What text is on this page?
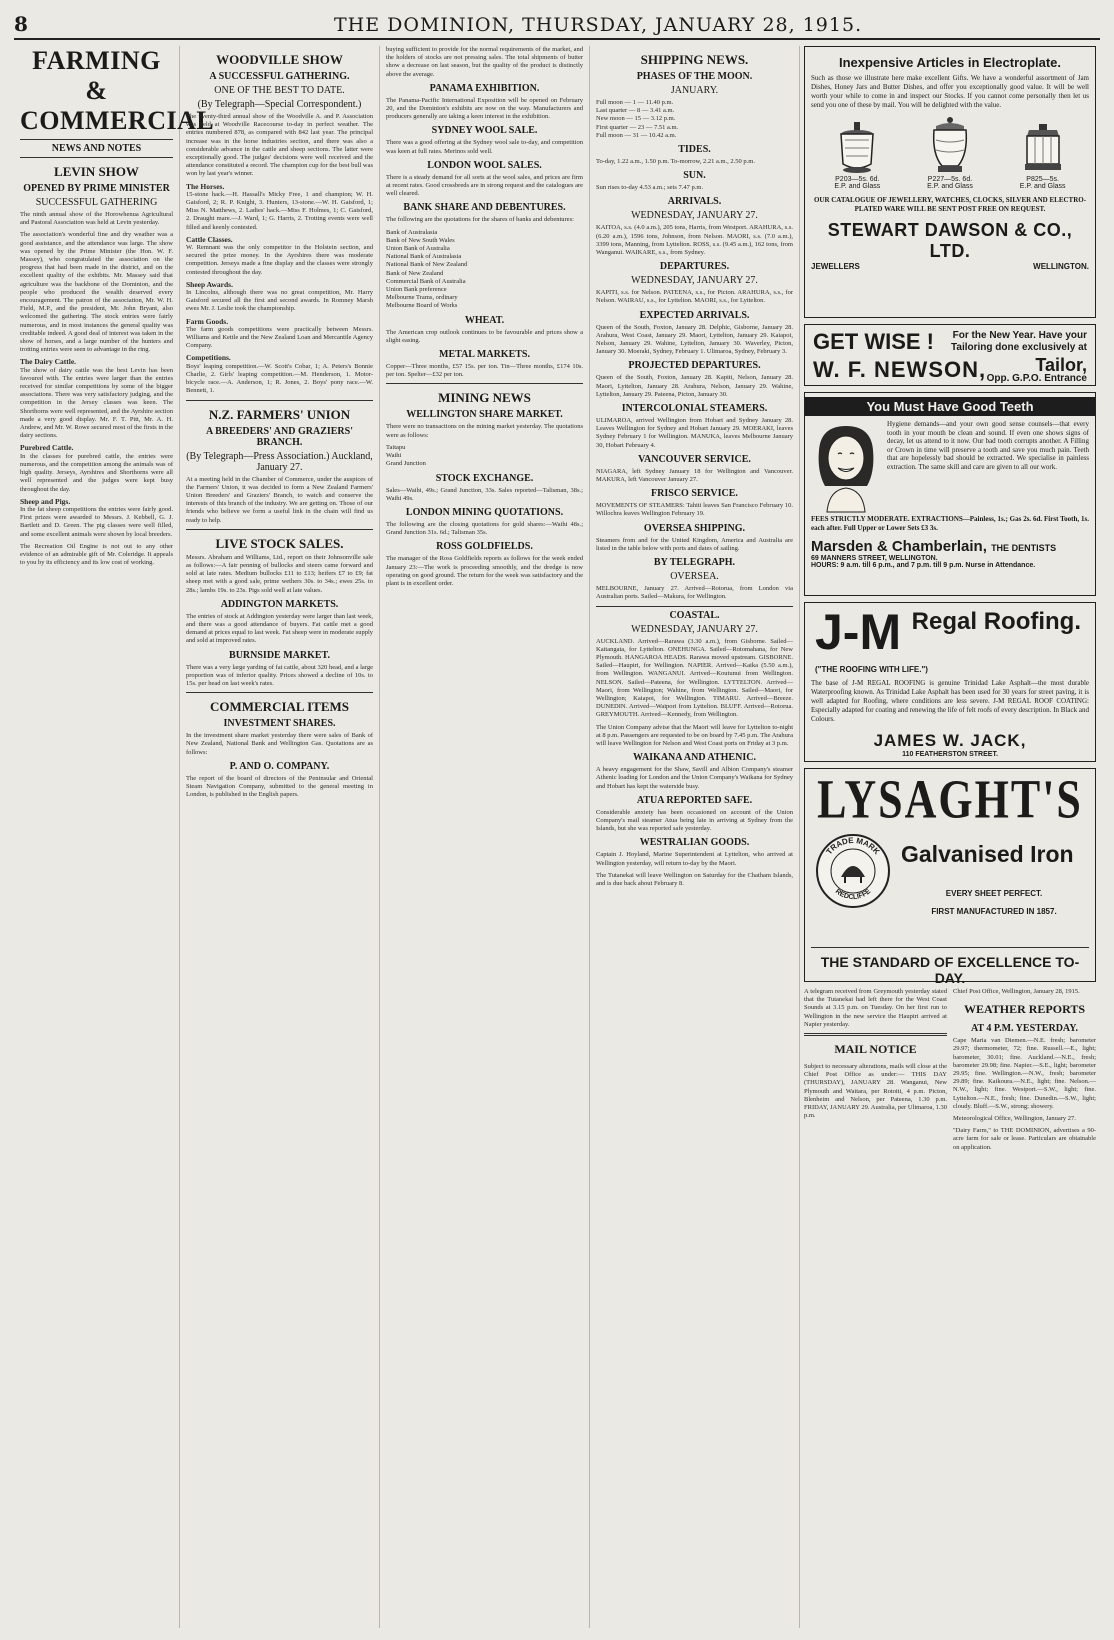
8	THE DOMINION, THURSDAY, JANUARY 28, 1915.
FARMING & COMMERCIAL
NEWS AND NOTES
LEVIN SHOW
OPENED BY PRIME MINISTER
SUCCESSFUL GATHERING
The ninth annual show of the Horowhenua Agricultural and Pastoral Association was held at Levin yesterday.
The association's wonderful fine and dry weather was a good assistance, and the attendance was large. The show was opened by the Prime Minister (the Hon. W. F. Massey), who congratulated the association on the progress that had been made in the district, and on the excellent quality of the exhibits. Mr. Massey said that agriculture was the backbone of the Dominion, and the people who produced the wealth deserved every encouragement. The patron of the association, Mr. W. H. Field, M.P., and the president, Mr. John Bryant, also welcomed the gathering. The stock entries were fairly numerous, and in most instances the general quality was creditable indeed. A good deal of interest was taken in the show of horses, and a large number of the hunters and trotting entries were seen to advantage in the ring.
The Dairy Cattle.
The show of dairy cattle was the best Levin has been favoured with. The entries were larger than the entries received for similar competitions by some of the bigger associations. There was very satisfactory judging, and the competition in the Jersey classes was keen. The Shorthorns were well represented, and the Ayrshire section made a very good display. Mr. F. T. Pitt, Mr. A. H. Andrew, and Mr. W. Rowe secured most of the firsts in the dairy sections.
Purebred Cattle.
In the classes for purebred cattle, the entries were numerous, and the competition among the animals was of high quality. Jerseys, Ayrshires and Shorthorns were all well represented and the judges were kept busy throughout the day.
Sheep and Pigs.
In the fat sheep competitions the entries were fairly good. First prizes were awarded to Messrs. J. Kebbell, G. J. Bartlett and D. Green. The pig classes were well filled, and some excellent animals were shown by local breeders.
The Recreation Oil Engine is not out to any other evidence of an admirable gift of Mr. Coleridge. It appeals to you by its efficiency and its low cost of working.
WOODVILLE SHOW
A SUCCESSFUL GATHERING.
ONE OF THE BEST TO DATE.
(By Telegraph—Special Correspondent.)
The twenty-third annual show of the Woodville A. and P. Association was held at Woodville Racecourse to-day in perfect weather. The entries numbered 878, as compared with 842 last year. The principal increase was in the horse industries section, and there was also a considerable advance in the cattle and sheep sections. The latter were exceptionally good. The judges' decisions were well received and the attendance constituted a record. The champion cup for the best bull was won by last year's winner.
The Horses.
15-stone hack.—H. Hassall's Micky Free, 1 and champion; W. H. Gaisford, 2; R. P. Knight, 3. Hunters, 13-stone.—W. H. Gaisford, 1; Miss N. Matthews, 2. Ladies' hack.—Miss F. Holmes, 1; C. Gaisford, 2. Draught mare.—J. Ward, 1; G. Harris, 2. Trotting events were well filled and keenly contested.
Cattle Classes.
W. Remnant was the only competitor in the Holstein section, and secured the prize money. In the Ayrshires there was moderate competition. Jerseys made a fine display and the classes were strongly contested throughout the day.
Sheep Awards.
In Lincolns, although there was no great competition, Mr. Harry Gaisford secured all the first and second awards. In Romney Marsh ewes Mr. J. Leslie took the championship.
Farm Goods.
The farm goods competitions were practically between Messrs. Williams and Kettle and the New Zealand Loan and Mercantile Agency Company.
Competitions.
Boys' leaping competition.—W. Scott's Cobar, 1; A. Peters's Bonnie Charlie, 2. Girls' leaping competition.—M. Henderson, 1. Motor-bicycle race.—A. Anderson, 1; R. Jones, 2. Boys' pony race.—W. Bennett, 1.
N.Z. FARMERS' UNION
A BREEDERS' AND GRAZIERS' BRANCH.
(By Telegraph—Press Association.) Auckland, January 27.
At a meeting held in the Chamber of Commerce, under the auspices of the Farmers' Union, it was decided to form a New Zealand Farmers' Union Breeders' and Graziers' Branch, to watch and conserve the interests of this branch of the industry. We are getting on. Those of our friends who believe we form a useful link in the chain will find us ready to help.
LIVE STOCK SALES.
Messrs. Abraham and Williams, Ltd., report on their Johnsonville sale as follows:—A fair penning of bullocks and steers came forward and sold at late rates. Medium bullocks £11 to £13; heifers £7 to £9; fat sheep met with a good sale, prime wethers 30s. to 34s.; ewes 25s. to 28s.; lambs 19s. to 23s. Pigs sold well at late values.
ADDINGTON MARKETS.
The entries of stock at Addington yesterday were larger than last week, and there was a good attendance of buyers. Fat cattle met a good demand at prices equal to last week. Fat sheep were in moderate supply and sold at improved rates.
BURNSIDE MARKET.
There was a very large yarding of fat cattle, about 320 head, and a large proportion was of inferior quality. Prices showed a decline of 10s. to 15s. per head on last week's rates.
COMMERCIAL ITEMS
INVESTMENT SHARES.
In the investment share market yesterday there were sales of Bank of New Zealand, National Bank and Wellington Gas. Quotations are as follows:
P. AND O. COMPANY.
The report of the board of directors of the Peninsular and Oriental Steam Navigation Company, submitted to the general meeting in London, is published in the English papers.
buying sufficient to provide for the normal requirements of the market, and the holders of stocks are not pressing sales. The total shipments of butter show a decrease on last season, but the quality of the product is distinctly above the average.
PANAMA EXHIBITION.
The Panama-Pacific International Exposition will be opened on February 20, and the Dominion's exhibits are now on the way. Manufacturers and producers generally are taking a keen interest in the exhibition.
SYDNEY WOOL SALE.
There was a good offering at the Sydney wool sale to-day, and competition was keen at full rates. Merinos sold well.
LONDON WOOL SALES.
There is a steady demand for all sorts at the wool sales, and prices are firm at recent rates. Good crossbreds are in strong request and the catalogues are well cleared.
BANK SHARE AND DEBENTURES.
The following are the quotations for the shares of banks and debentures:
Bank of Australasia
Bank of New South Wales
Union Bank of Australia
National Bank of Australasia
National Bank of New Zealand
Bank of New Zealand
Commercial Bank of Australia
Union Bank preference
Melbourne Trams, ordinary
Melbourne Board of Works
WHEAT.
The American crop outlook continues to be favourable and prices show a slight easing.
METAL MARKETS.
Copper—Three months, £57 15s. per ton. Tin—Three months, £174 10s. per ton. Spelter—£32 per ton.
MINING NEWS
WELLINGTON SHARE MARKET.
There were no transactions on the mining market yesterday. The quotations were as follows:
Taitapu
Waihi
Grand Junction
STOCK EXCHANGE.
Sales—Waihi, 49s.; Grand Junction, 33s. Sales reported—Talisman, 38s.; Waihi 49s.
LONDON MINING QUOTATIONS.
The following are the closing quotations for gold shares:—Waihi 48s.; Grand Junction 31s. 6d.; Talisman 35s.
ROSS GOLDFIELDS.
The manager of the Ross Goldfields reports as follows for the week ended January 23:—The work is proceeding smoothly, and the dredge is now operating on good ground. The return for the week was satisfactory and the plant is in excellent order.
SHIPPING NEWS.
PHASES OF THE MOON.
JANUARY.
Full moon — 1 — 11.40 p.m.
Last quarter — 8 — 3.41 a.m.
New moon — 15 — 3.12 p.m.
First quarter — 23 — 7.51 a.m.
Full moon — 31 — 10.42 a.m.
TIDES.
To-day, 1.22 a.m., 1.50 p.m. To-morrow, 2.21 a.m., 2.50 p.m.
SUN.
Sun rises to-day 4.53 a.m.; sets 7.47 p.m.
ARRIVALS.
WEDNESDAY, JANUARY 27.
KAITOA, s.s. (4.0 a.m.), 205 tons, Harris, from Westport. ARAHURA, s.s. (6.20 a.m.), 1596 tons, Johnson, from Nelson. MAORI, s.s. (7.0 a.m.), 3399 tons, Manning, from Lyttelton. ROSS, s.s. (9.45 a.m.), 162 tons, from Wanganui. WAIKARE, s.s., from Sydney.
DEPARTURES.
WEDNESDAY, JANUARY 27.
KAPITI, s.s. for Nelson. PATEENA, s.s., for Picton. ARAHURA, s.s., for Nelson. WAIRAU, s.s., for Lyttelton. MAORI, s.s., for Lyttelton.
EXPECTED ARRIVALS.
Queen of the South, Foxton, January 28. Delphic, Gisborne, January 28. Arahura, West Coast, January 29. Maori, Lyttelton, January 29. Kaiapoi, Nelson, January 29. Wahine, Lyttelton, January 30. Waverley, Picton, January 30. Moeraki, Sydney, February 1. Ulimaroa, Sydney, February 3.
PROJECTED DEPARTURES.
Queen of the South, Foxton, January 28. Kapiti, Nelson, January 28. Maori, Lyttelton, January 28. Arahura, Nelson, January 29. Wahine, Lyttelton, January 29. Pateena, Picton, January 30.
INTERCOLONIAL STEAMERS.
ULIMAROA, arrived Wellington from Hobart and Sydney January 28. Leaves Wellington for Sydney and Hobart January 29. MOERAKI, leaves Sydney February 1 for Wellington. MANUKA, leaves Melbourne January 30, Hobart February 4.
VANCOUVER SERVICE.
NIAGARA, left Sydney January 18 for Wellington and Vancouver. MAKURA, left Vancouver January 27.
FRISCO SERVICE.
MOVEMENTS OF STEAMERS: Tahiti leaves San Francisco February 10. Willochra leaves Wellington February 19.
OVERSEA SHIPPING.
Steamers from and for the United Kingdom, America and Australia are listed in the table below with ports and dates of sailing.
BY TELEGRAPH.
OVERSEA.
MELBOURNE, January 27. Arrived—Rotorua, from London via Australian ports. Sailed—Makura, for Wellington.
COASTAL.
WEDNESDAY, JANUARY 27.
AUCKLAND. Arrived—Rarawa (3.30 a.m.), from Gisborne. Sailed—Kaitangata, for Lyttelton. ONEHUNGA. Sailed—Rotomahana, for New Plymouth. HANGAROA HEADS. Rarawa moved upstream. GISBORNE. Sailed—Haupiri, for Wellington. NAPIER. Arrived—Kaika (5.50 a.m.), from Wellington. WANGANUI. Arrived—Koutunui from Wellington. NELSON. Sailed—Pateena, for Wellington. LYTTELTON. Arrived—Maori, from Wellington; Wahine, from Wellington. Sailed—Maori, for Wellington; Kaiapoi, for Wellington. TIMARU. Arrived—Breeze. DUNEDIN. Arrived—Waipori from Lyttelton. BLUFF. Arrived—Rotorua. GREYMOUTH. Arrived—Kennedy, from Wellington.
The Union Company advise that the Maori will leave for Lyttelton to-night at 8 p.m. Passengers are requested to be on board by 7.45 p.m. The Arahura will leave Wellington for Nelson and West Coast ports on Friday at 3 p.m.
WAIKANA AND ATHENIC.
A heavy engagement for the Shaw, Savill and Albion Company's steamer Athenic loading for London and the Union Company's Waikana for Sydney and Hobart has kept the waterside busy.
ATUA REPORTED SAFE.
Considerable anxiety has been occasioned on account of the Union Company's mail steamer Atua being late in arriving at Sydney from the Islands, but she was reported safe yesterday.
WESTRALIAN GOODS.
Captain J. Hoyland, Marine Superintendent at Lyttelton, who arrived at Wellington yesterday, will return to-day by the Maori.
The Tutanekai will leave Wellington on Saturday for the Chatham Islands, and is due back about February 8.
Inexpensive Articles in Electroplate.
Such as those we illustrate here make excellent Gifts. We have a wonderful assortment of Jam Dishes, Honey Jars and Butter Dishes, and offer you exceptionally good value. It will be well worth your while to come in and inspect our Stocks. If you cannot come personally then let us send you one of these by mail. You will be delighted with the value.
P203—5s. 6d.
E.P. and Glass
P227—5s. 6d.
E.P. and Glass
P825—5s.
E.P. and Glass
OUR CATALOGUE OF JEWELLERY, WATCHES, CLOCKS, SILVER AND ELECTRO-PLATED WARE WILL BE SENT POST FREE ON REQUEST.
STEWART DAWSON & CO., LTD.
JEWELLERS	WELLINGTON.
GET WISE !	For the New Year. Have your Tailoring done exclusively at
W. F. NEWSON,	Tailor,
Opp. G.P.O. Entrance
You Must Have Good Teeth
Hygiene demands—and your own good sense counsels—that every tooth in your mouth be clean and sound. If even one shows signs of decay, let us attend to it now. Our bad tooth corrupts another. A Filling or Crown in time will preserve a tooth and save you much pain. Teeth that are hopelessly bad should be extracted. We specialise in painless extraction. The same skill and care are given to all our work.
FEES STRICTLY MODERATE. EXTRACTIONS—Painless, 1s.; Gas 2s. 6d. First Tooth, 1s. each after. Full Upper or Lower Sets £3 3s.
Marsden & Chamberlain, THE DENTISTS
69 MANNERS STREET, WELLINGTON.
HOURS: 9 a.m. till 6 p.m., and 7 p.m. till 9 p.m. Nurse in Attendance.
J-M Regal Roofing.
("THE ROOFING WITH LIFE.")
The base of J-M REGAL ROOFING is genuine Trinidad Lake Asphalt—the most durable Waterproofing known. As Trinidad Lake Asphalt has been used for 30 years for street paving, it is well adapted for Roofing, where conditions are less severe. J-M REGAL ROOF COATING: Especially adapted for coating and renewing the life of felt roofs of every description. In Black and Colours.
JAMES W. JACK,
110 FEATHERSTON STREET.
LYSAGHT'S
TRADE MARK
REDCLIFFE
Galvanised Iron
EVERY SHEET PERFECT.
FIRST MANUFACTURED IN 1857.
THE STANDARD OF EXCELLENCE TO-DAY.
A telegram received from Greymouth yesterday stated that the Tutanekai had left there for the West Coast Sounds at 3.15 p.m. on Tuesday. On her first run to Wellington in the new service the Haupiri arrived at Napier yesterday.
MAIL NOTICE
Subject to necessary alterations, mails will close at the Chief Post Office as under:— THIS DAY (THURSDAY), JANUARY 28. Wanganui, New Plymouth and Waitara, per Rotoiti, 4 p.m. Picton, Blenheim and Nelson, per Pateena, 1.30 p.m. FRIDAY, JANUARY 29. Australia, per Ulimaroa, 1.30 p.m.
Chief Post Office, Wellington, January 28, 1915.
WEATHER REPORTS
AT 4 P.M. YESTERDAY.
Cape Maria van Diemen.—N.E. fresh; barometer 29.97; thermometer, 72; fine. Russell.—E., light; barometer, 30.01; fine. Auckland.—N.E., fresh; barometer 29.98; fine. Napier.—S.E., light; barometer 29.95; fine. Wellington.—N.W., fresh; barometer 29.89; fine. Kaikoura.—N.E., light; fine. Nelson.—N.W., light; fine. Westport.—S.W., light; fine. Lyttelton.—N.E., fresh; fine. Dunedin.—S.W., light; cloudy. Bluff.—S.W., strong; showery.
Meteorological Office, Wellington, January 27.
"Dairy Farm," to THE DOMINION, advertises a 90-acre farm for sale or lease. Particulars are obtainable on application.
